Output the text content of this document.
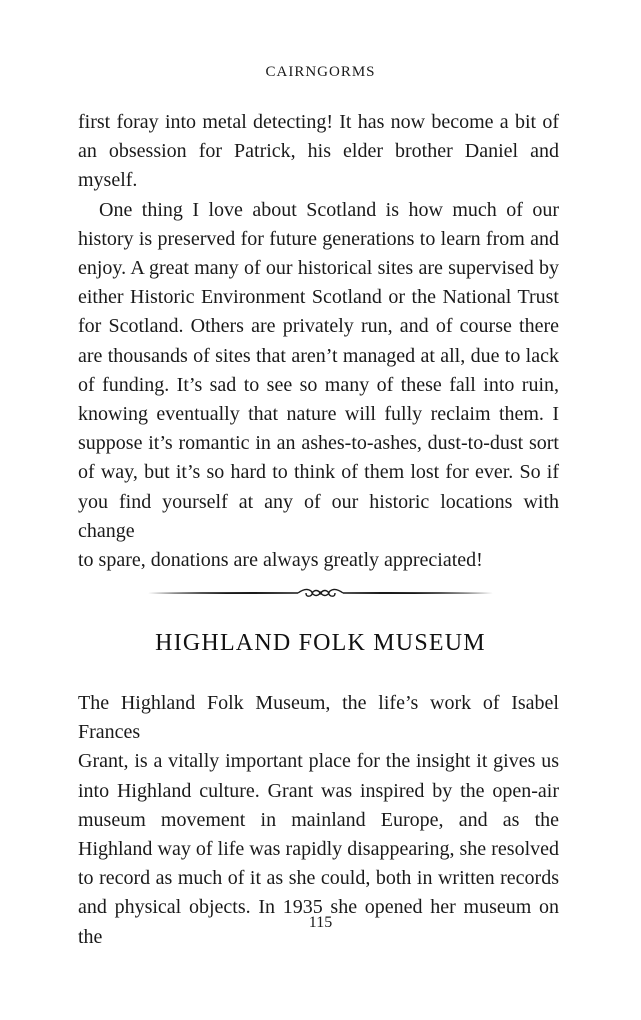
CAIRNGORMS
first foray into metal detecting! It has now become a bit of
an obsession for Patrick, his elder brother Daniel and
myself.
One thing I love about Scotland is how much of our
history is preserved for future generations to learn from and
enjoy. A great many of our historical sites are supervised by
either Historic Environment Scotland or the National Trust
for Scotland. Others are privately run, and of course there
are thousands of sites that aren’t managed at all, due to lack
of funding. It’s sad to see so many of these fall into ruin,
knowing eventually that nature will fully reclaim them. I
suppose it’s romantic in an ashes-to-ashes, dust-to-dust sort
of way, but it’s so hard to think of them lost for ever. So if
you find yourself at any of our historic locations with change
to spare, donations are always greatly appreciated!
HIGHLAND FOLK MUSEUM
The Highland Folk Museum, the life’s work of Isabel Frances
Grant, is a vitally important place for the insight it gives us
into Highland culture. Grant was inspired by the open-air
museum movement in mainland Europe, and as the
Highland way of life was rapidly disappearing, she resolved
to record as much of it as she could, both in written records
and physical objects. In 1935 she opened her museum on the
115
